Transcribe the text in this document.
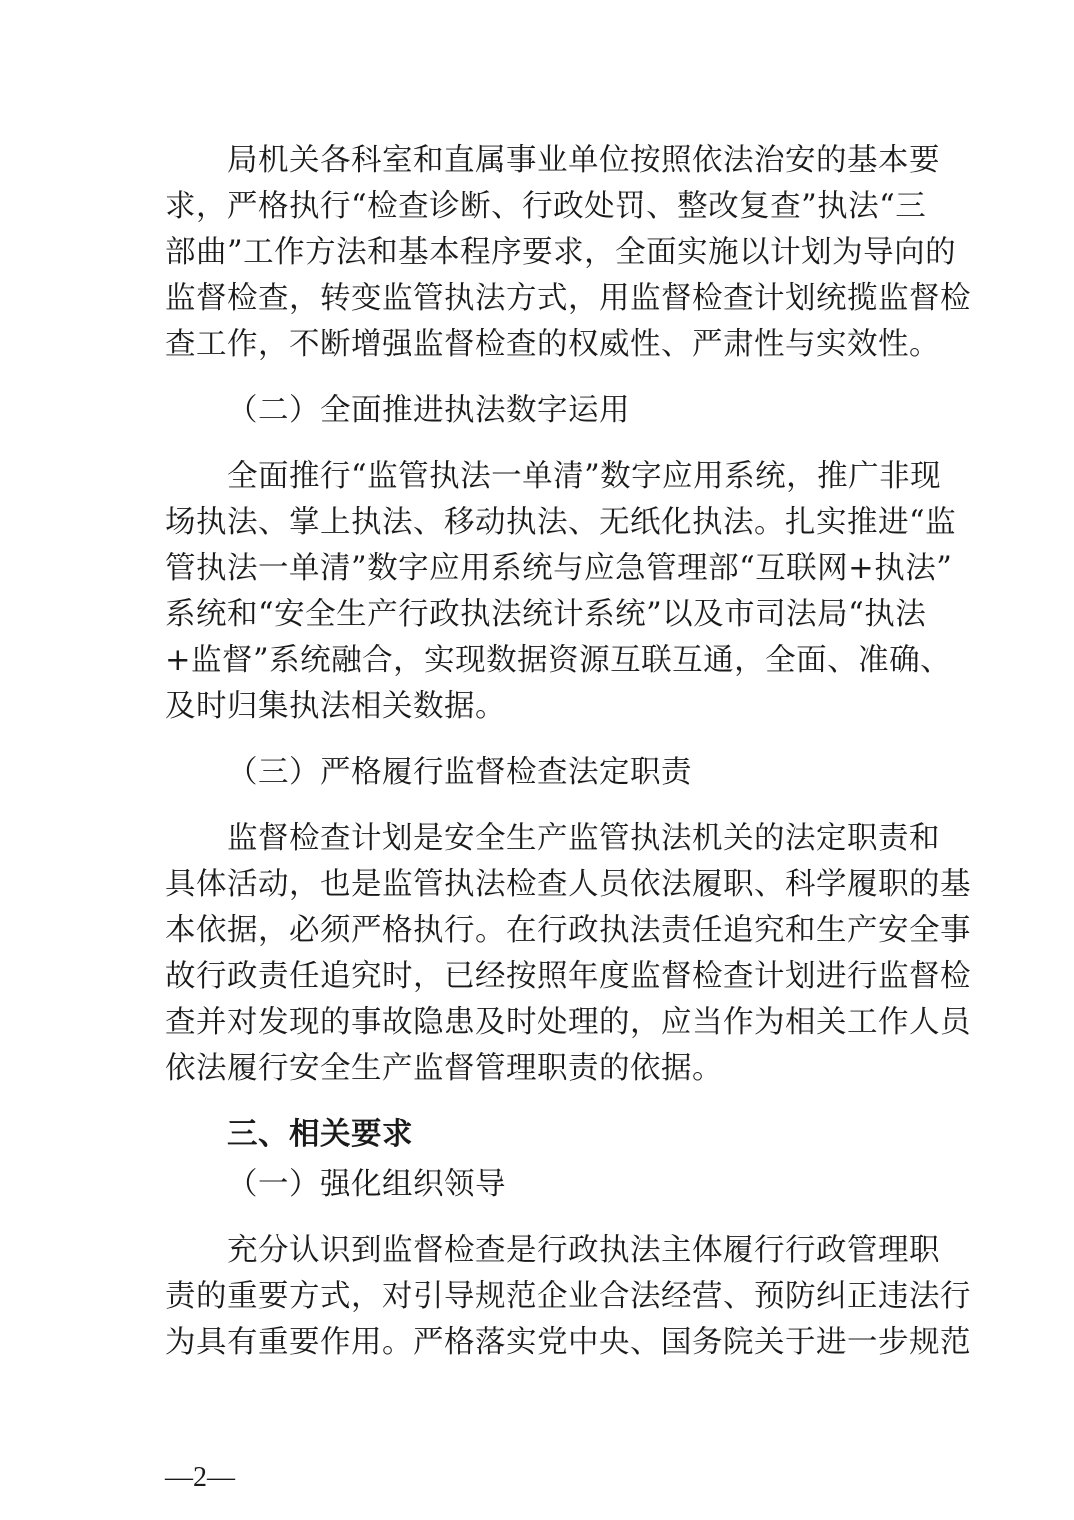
局机关各科室和直属事业单位按照依法治安的基本要
求，严格执行“检查诊断、行政处罚、整改复查”执法“三
部曲”工作方法和基本程序要求，全面实施以计划为导向的
监督检查，转变监管执法方式，用监督检查计划统揽监督检
查工作，不断增强监督检查的权威性、严肃性与实效性。
（二）全面推进执法数字运用
全面推行“监管执法一单清”数字应用系统，推广非现
场执法、掌上执法、移动执法、无纸化执法。扎实推进“监
管执法一单清”数字应用系统与应急管理部“互联网+执法”
系统和“安全生产行政执法统计系统”以及市司法局“执法
+监督”系统融合，实现数据资源互联互通，全面、准确、
及时归集执法相关数据。
（三）严格履行监督检查法定职责
监督检查计划是安全生产监管执法机关的法定职责和
具体活动，也是监管执法检查人员依法履职、科学履职的基
本依据，必须严格执行。在行政执法责任追究和生产安全事
故行政责任追究时，已经按照年度监督检查计划进行监督检
查并对发现的事故隐患及时处理的，应当作为相关工作人员
依法履行安全生产监督管理职责的依据。
三、相关要求
（一）强化组织领导
充分认识到监督检查是行政执法主体履行行政管理职
责的重要方式，对引导规范企业合法经营、预防纠正违法行
为具有重要作用。严格落实党中央、国务院关于进一步规范
—2—
